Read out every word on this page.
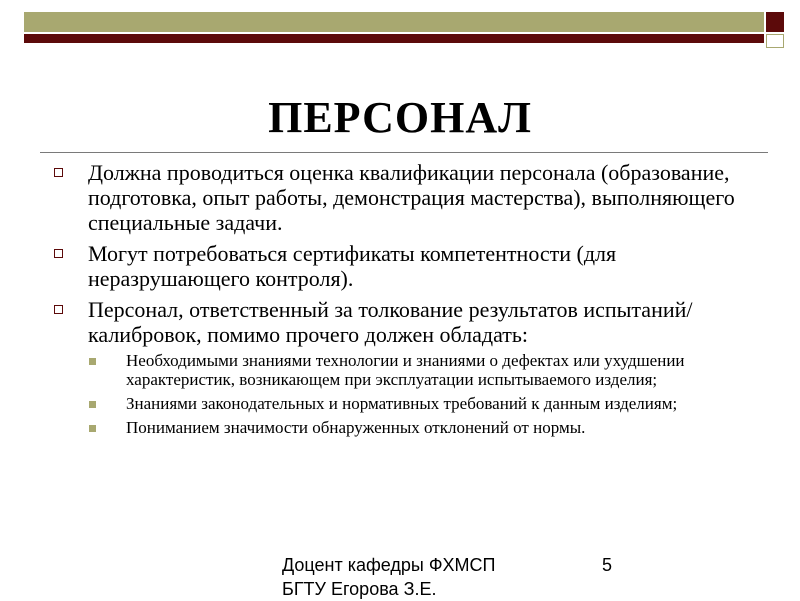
ПЕРСОНАЛ
Должна проводиться оценка квалификации персонала (образование, подготовка, опыт работы, демонстрация мастерства), выполняющего специальные задачи.
Могут потребоваться сертификаты компетентности (для неразрушающего контроля).
Персонал, ответственный за толкование результатов испытаний/калибровок, помимо прочего должен обладать:
Необходимыми знаниями технологии и знаниями о дефектах или ухудшении характеристик, возникающем при эксплуатации испытываемого изделия;
Знаниями законодательных и нормативных требований к данным изделиям;
Пониманием значимости обнаруженных отклонений от нормы.
Доцент кафедры ФХМСП
БГТУ Егорова З.Е.
5
